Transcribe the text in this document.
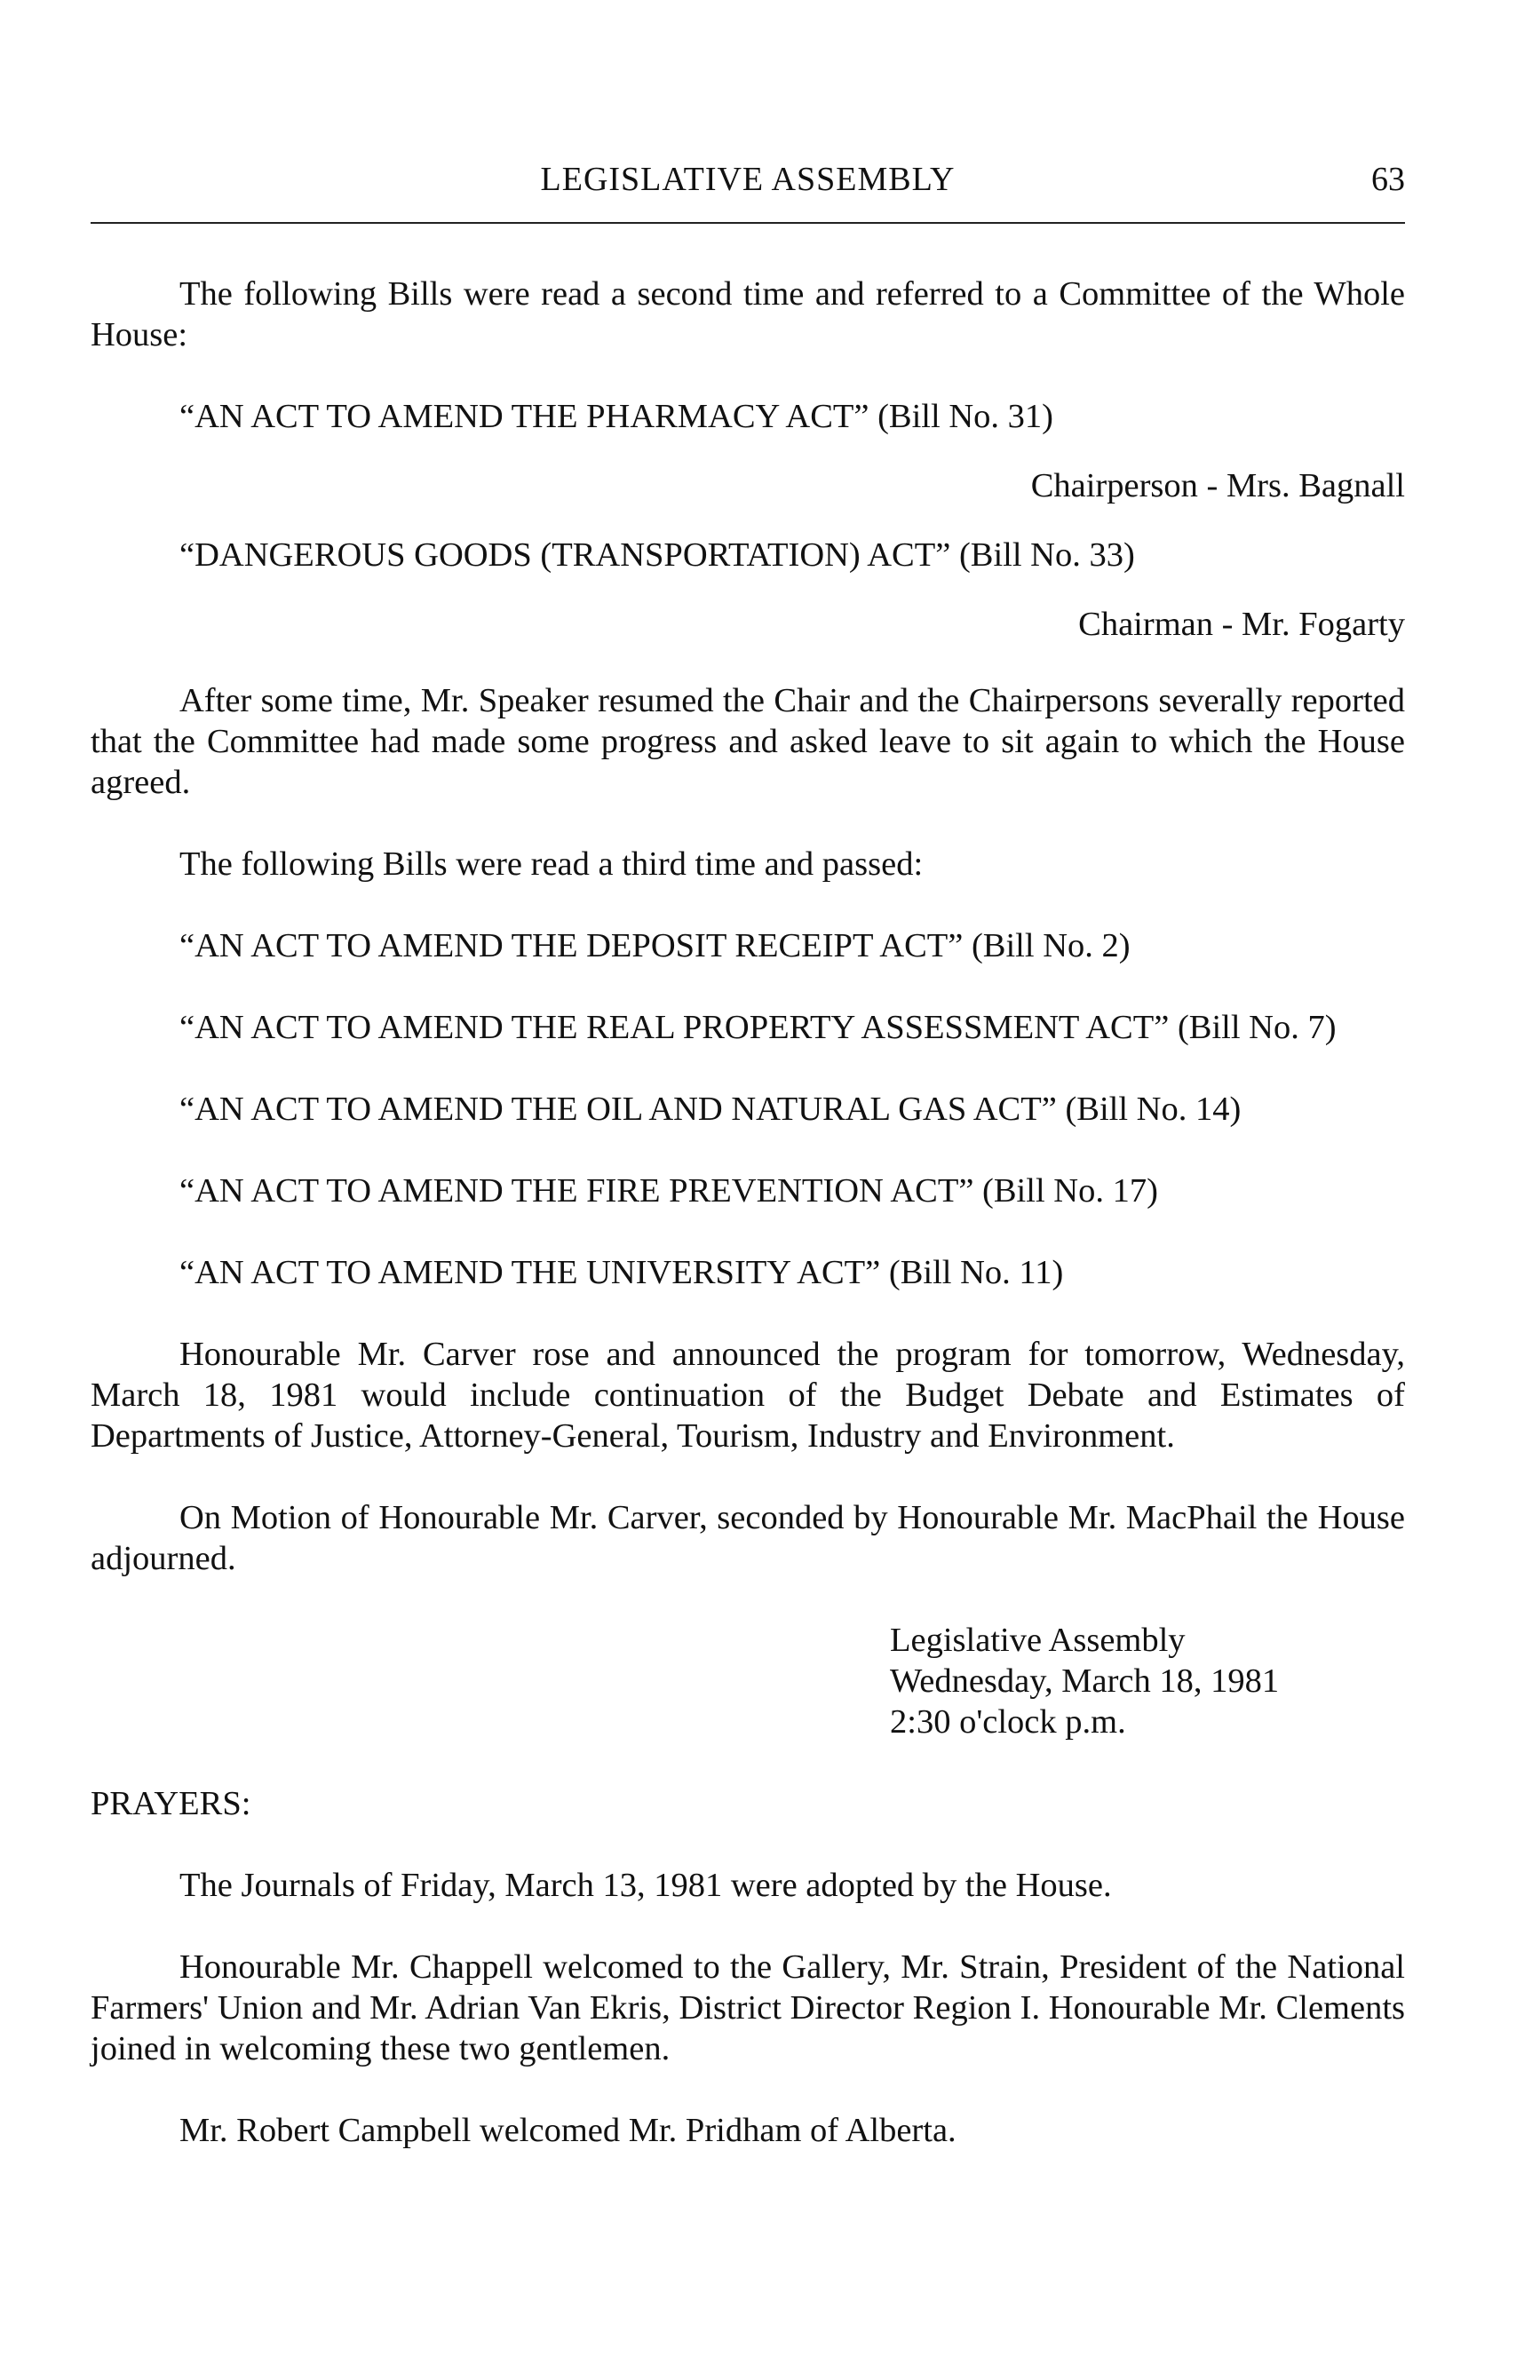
LEGISLATIVE ASSEMBLY	63

The following Bills were read a second time and referred to a Committee of the Whole House:

“AN ACT TO AMEND THE PHARMACY ACT” (Bill No. 31)

Chairperson - Mrs. Bagnall

“DANGEROUS GOODS (TRANSPORTATION) ACT” (Bill No. 33)

Chairman - Mr. Fogarty

After some time, Mr. Speaker resumed the Chair and the Chairpersons severally reported that the Committee had made some progress and asked leave to sit again to which the House agreed.

The following Bills were read a third time and passed:

“AN ACT TO AMEND THE DEPOSIT RECEIPT ACT” (Bill No. 2)

“AN ACT TO AMEND THE REAL PROPERTY ASSESSMENT ACT” (Bill No. 7)

“AN ACT TO AMEND THE OIL AND NATURAL GAS ACT” (Bill No. 14)

“AN ACT TO AMEND THE FIRE PREVENTION ACT” (Bill No. 17)

“AN ACT TO AMEND THE UNIVERSITY ACT” (Bill No. 11)

Honourable Mr. Carver rose and announced the program for tomorrow, Wednesday, March 18, 1981 would include continuation of the Budget Debate and Estimates of Departments of Justice, Attorney-General, Tourism, Industry and Environment.

On Motion of Honourable Mr. Carver, seconded by Honourable Mr. MacPhail the House adjourned.

Legislative Assembly
Wednesday, March 18, 1981
2:30 o'clock p.m.

PRAYERS:

The Journals of Friday, March 13, 1981 were adopted by the House.

Honourable Mr. Chappell welcomed to the Gallery, Mr. Strain, President of the National Farmers' Union and Mr. Adrian Van Ekris, District Director Region I. Honourable Mr. Clements joined in welcoming these two gentlemen.

Mr. Robert Campbell welcomed Mr. Pridham of Alberta.
